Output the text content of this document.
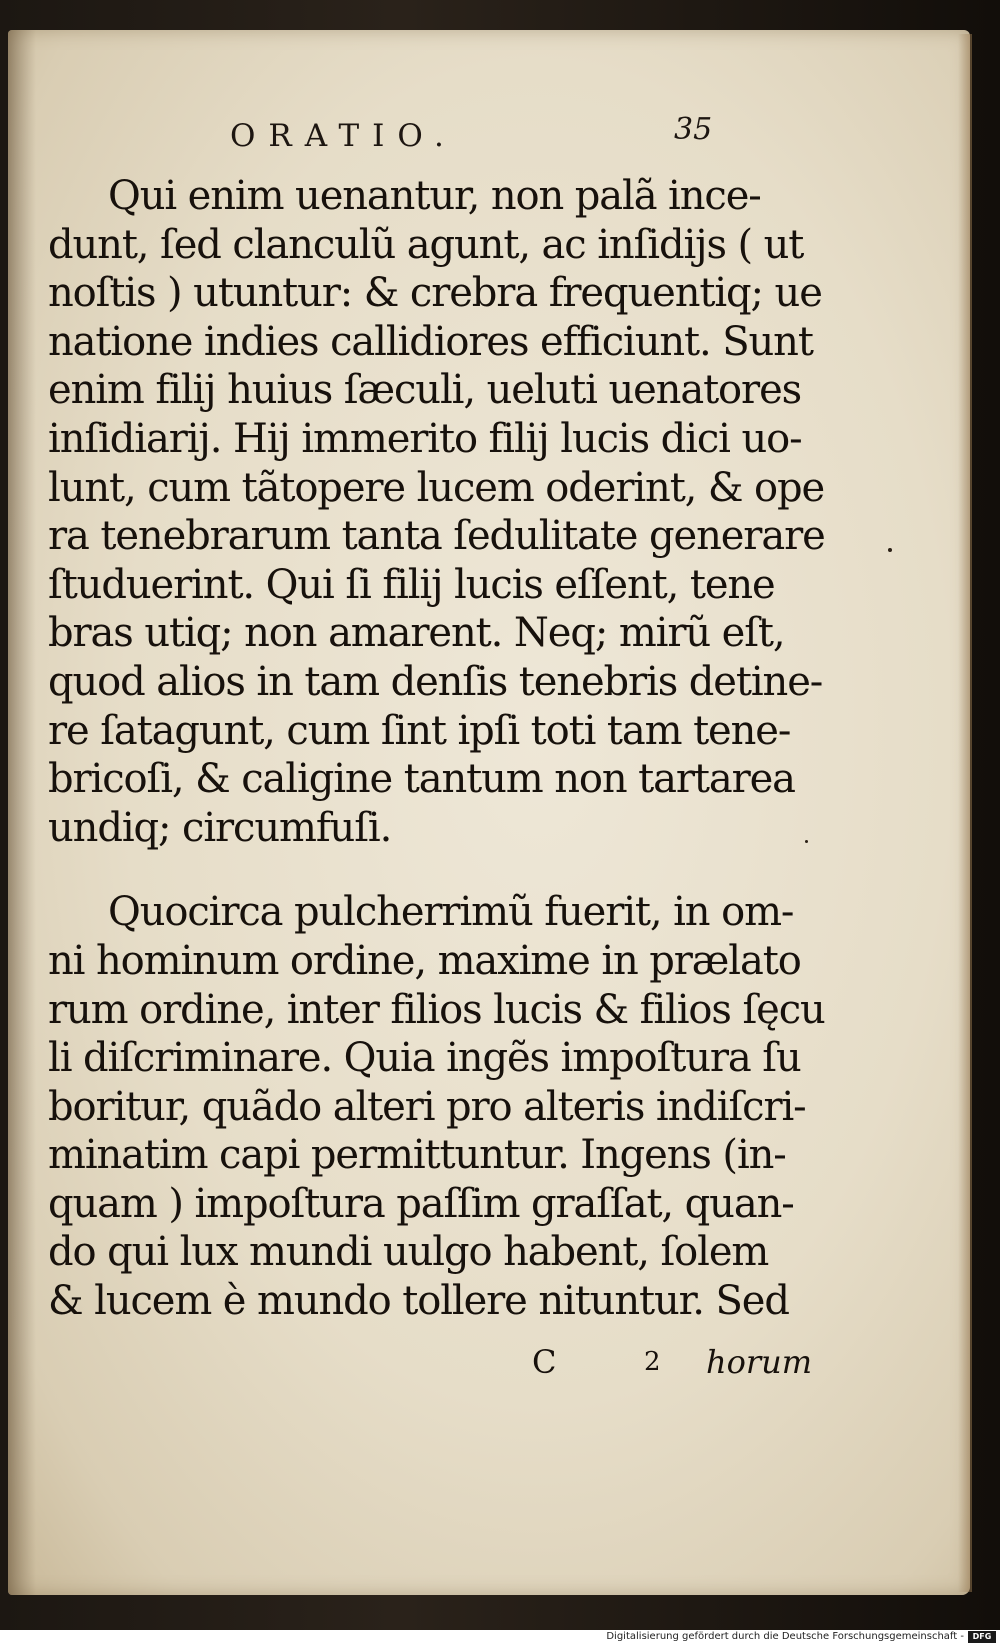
ORATIO.	35
Qui enim uenantur, non palã ince-
dunt, ſed clanculũ agunt, ac inſidijs ( ut
noſtis ) utuntur: & crebra frequentiq; ue
natione indies callidiores efficiunt. Sunt
enim filij huius ſæculi, ueluti uenatores
inſidiarij. Hij immerito filij lucis dici uo-
lunt, cum tãtopere lucem oderint, & ope
ra tenebrarum tanta ſedulitate generare
ſtuduerint. Qui ſi filij lucis eſſent, tene
bras utiq; non amarent. Neq; mirũ eſt,
quod alios in tam denſis tenebris detine-
re ſatagunt, cum ſint ipſi toti tam tene-
bricoſi, & caligine tantum non tartarea
undiq; circumfuſi.
Quocirca pulcherrimũ fuerit, in om-
ni hominum ordine, maxime in prælato
rum ordine, inter filios lucis & filios ſęcu
li diſcriminare. Quia ingẽs impoſtura ſu
boritur, quãdo alteri pro alteris indiſcri-
minatim capi permittuntur. Ingens (in-
quam ) impoſtura paſſim graſſat, quan-
do qui lux mundi uulgo habent, ſolem
& lucem è mundo tollere nituntur. Sed
C	2 horum
Digitalisierung gefördert durch die Deutsche Forschungsgemeinschaft -	DFG
